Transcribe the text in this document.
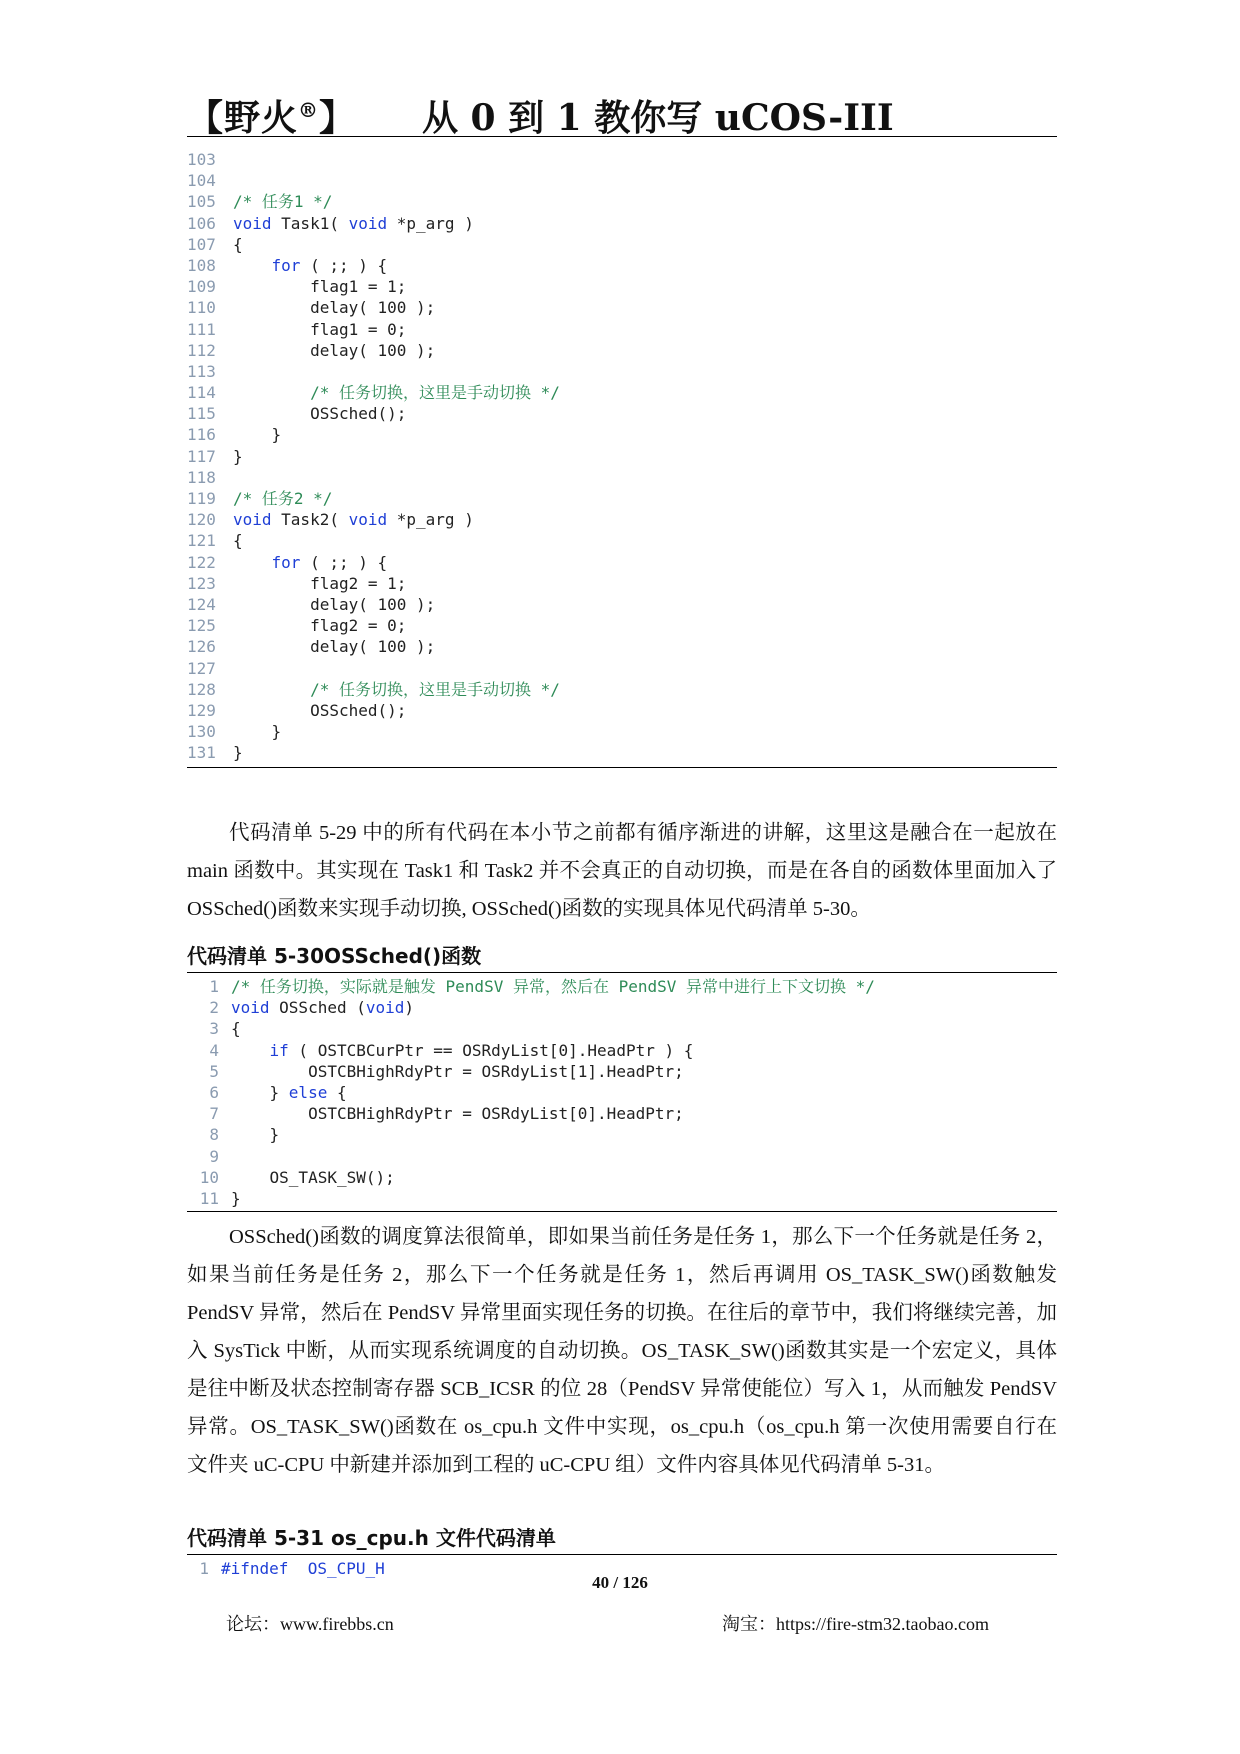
【野火®】 从 0 到 1 教你写 uCOS-III
103
104
105 /* 任务1 */
106 void Task1( void *p_arg )
107 {
108	for ( ;; ) {
109        flag1 = 1;
110        delay( 100 );
111        flag1 = 0;
112        delay( 100 );
113
114	/* 任务切换，这里是手动切换 */
115        OSSched();
116    }
117 }
118
119 /* 任务2 */
120 void Task2( void *p_arg )
121 {
122	for ( ;; ) {
123        flag2 = 1;
124        delay( 100 );
125        flag2 = 0;
126        delay( 100 );
127
128	/* 任务切换，这里是手动切换 */
129        OSSched();
130    }
131 }
代码清单 5-29 中的所有代码在本小节之前都有循序渐进的讲解，这里这是融合在一起放在 main 函数中。其实现在 Task1 和 Task2 并不会真正的自动切换，而是在各自的函数体里面加入了 OSSched()函数来实现手动切换, OSSched()函数的实现具体见代码清单 5-30。
代码清单 5-30OSSched()函数
1 /* 任务切换，实际就是触发 PendSV 异常，然后在 PendSV 异常中进行上下文切换 */
2 void OSSched (void)
3 {
4	if ( OSTCBCurPtr == OSRdyList[0].HeadPtr ) {
5        OSTCBHighRdyPtr = OSRdyList[1].HeadPtr;
6    } else {
7        OSTCBHighRdyPtr = OSRdyList[0].HeadPtr;
8    }
9
10    OS_TASK_SW();
11 }
OSSched()函数的调度算法很简单，即如果当前任务是任务 1，那么下一个任务就是任务 2，如果当前任务是任务 2，那么下一个任务就是任务 1，然后再调用 OS_TASK_SW()函数触发 PendSV 异常，然后在 PendSV 异常里面实现任务的切换。在往后的章节中，我们将继续完善，加入 SysTick 中断，从而实现系统调度的自动切换。OS_TASK_SW()函数其实是一个宏定义，具体是往中断及状态控制寄存器 SCB_ICSR 的位 28（PendSV 异常使能位）写入 1，从而触发 PendSV 异常。OS_TASK_SW()函数在 os_cpu.h 文件中实现，os_cpu.h（os_cpu.h 第一次使用需要自行在文件夹 uC-CPU 中新建并添加到工程的 uC-CPU 组）文件内容具体见代码清单 5-31。
代码清单 5-31 os_cpu.h 文件代码清单
1 #ifndef OS_CPU_H
40 / 126
论坛：www.firebbs.cn	淘宝：https://fire-stm32.taobao.com
